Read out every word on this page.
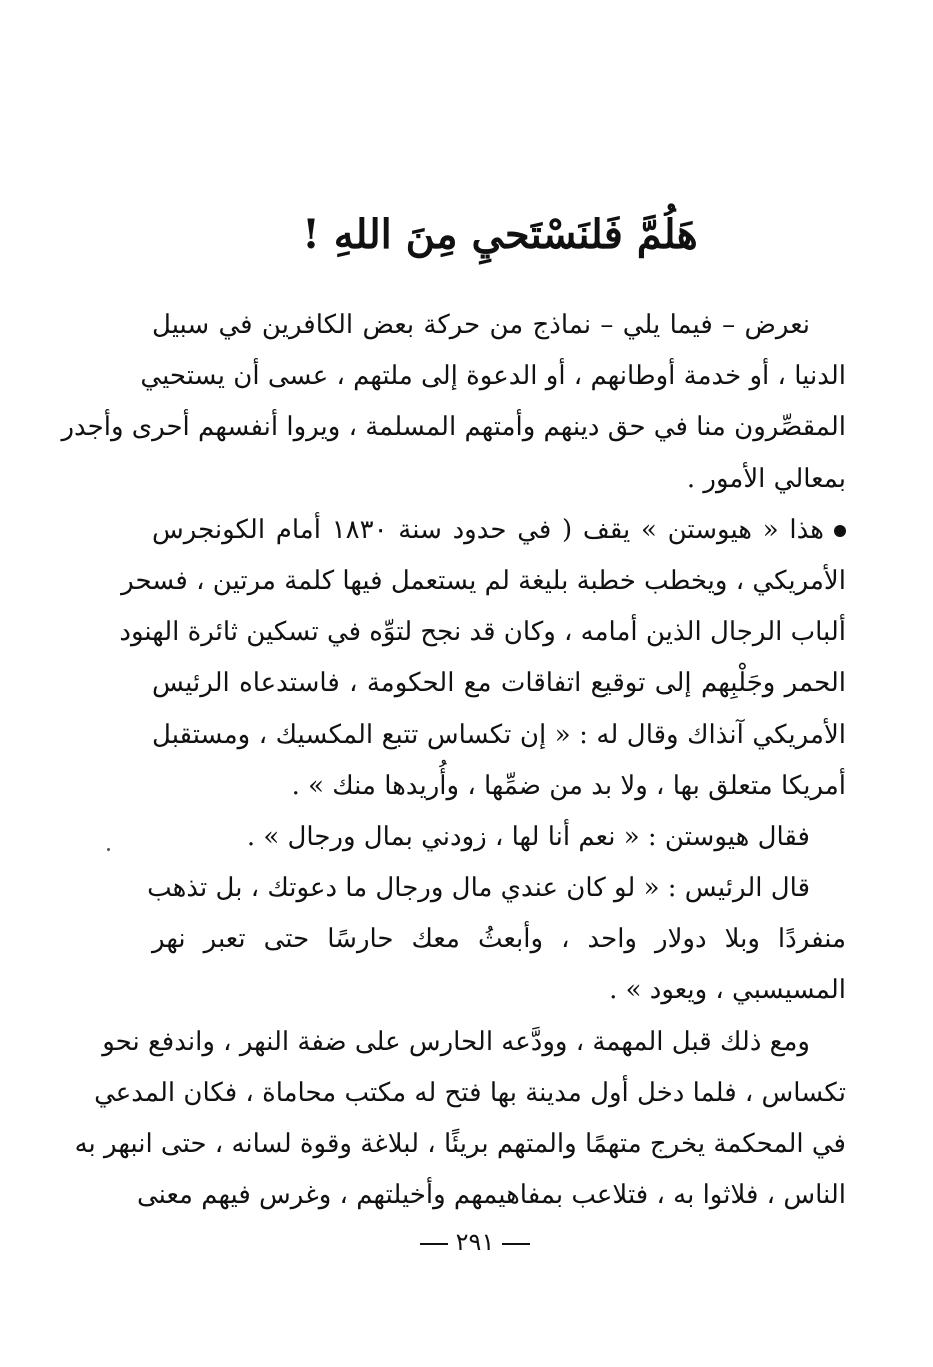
هَلُمَّ فَلنَسْتَحيِ مِنَ اللهِ !
نعرض – فيما يلي – نماذج من حركة بعض الكافرين في سبيل
الدنيا ، أو خدمة أوطانهم ، أو الدعوة إلى ملتهم ، عسى أن يستحيي
المقصِّرون منا في حق دينهم وأمتهم المسلمة ، ويروا أنفسهم أحرى وأجدر
بمعالي الأمور .
هذا « هيوستن » يقف ( في حدود سنة ١٨٣٠ أمام الكونجرس
الأمريكي ، ويخطب خطبة بليغة لم يستعمل فيها كلمة مرتين ، فسحر
ألباب الرجال الذين أمامه ، وكان قد نجح لتوِّه في تسكين ثائرة الهنود
الحمر وجَلْبِهم إلى توقيع اتفاقات مع الحكومة ، فاستدعاه الرئيس
الأمريكي آنذاك وقال له : « إن تكساس تتبع المكسيك ، ومستقبل
أمريكا متعلق بها ، ولا بد من ضمِّها ، وأُريدها منك » .
فقال هيوستن : « نعم أنا لها ، زودني بمال ورجال » .
قال الرئيس : « لو كان عندي مال ورجال ما دعوتك ، بل تذهب
منفردًا وبلا دولار واحد ، وأبعثُ معك حارسًا حتى تعبر نهر
المسيسبي ، ويعود » .
ومع ذلك قبل المهمة ، وودَّعه الحارس على ضفة النهر ، واندفع نحو
تكساس ، فلما دخل أول مدينة بها فتح له مكتب محاماة ، فكان المدعي
في المحكمة يخرج متهمًا والمتهم بريئًا ، لبلاغة وقوة لسانه ، حتى انبهر به
الناس ، فلاثوا به ، فتلاعب بمفاهيمهم وأخيلتهم ، وغرس فيهم معنى
٢٩١
